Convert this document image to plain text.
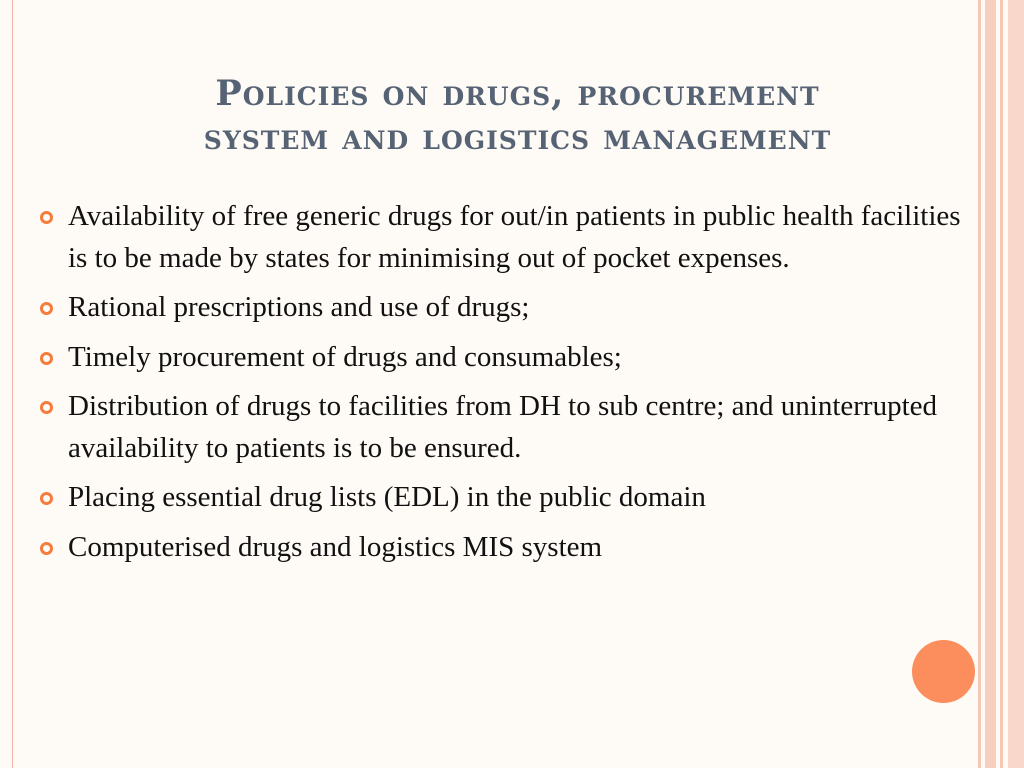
Policies on drugs, procurement
system and logistics management
Availability of free generic drugs for out/in patients in public health facilities is to be made by states for minimising out of pocket expenses.
Rational prescriptions and use of drugs;
Timely procurement of drugs and consumables;
Distribution of drugs to facilities from DH to sub centre; and uninterrupted availability to patients is to be ensured.
Placing essential drug lists (EDL) in the public domain
Computerised drugs and logistics MIS system
